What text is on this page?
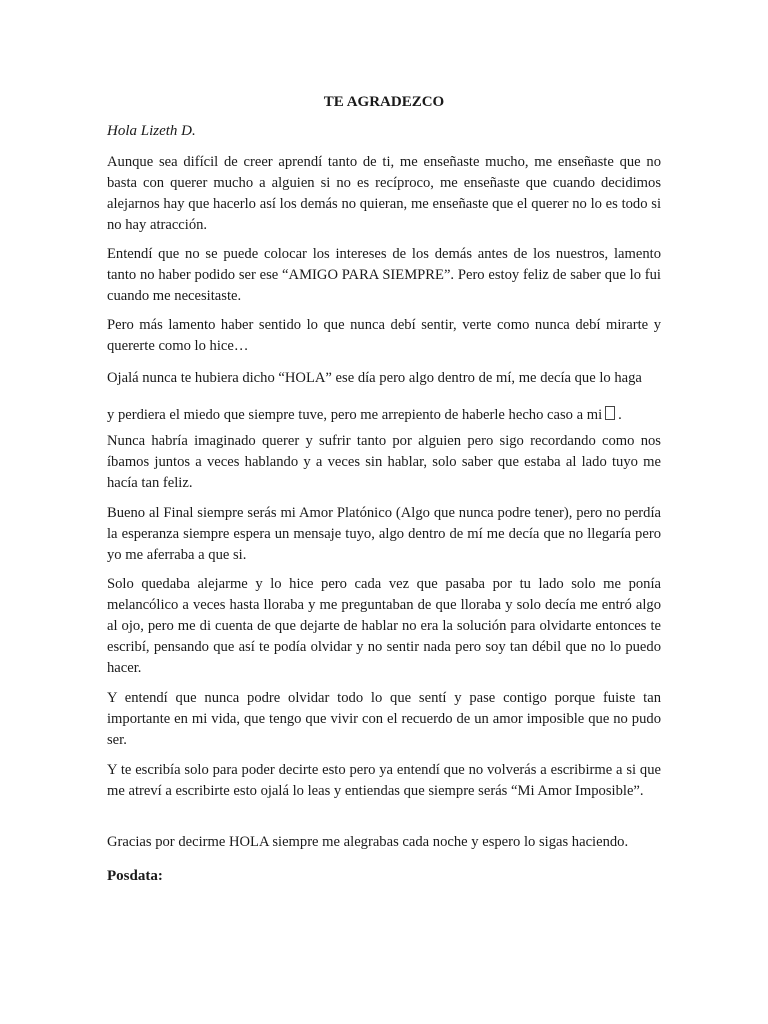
TE AGRADEZCO
Hola Lizeth D.
Aunque sea difícil de creer aprendí tanto de ti, me enseñaste mucho, me enseñaste que no basta con querer mucho a alguien si no es recíproco, me enseñaste que cuando decidimos alejarnos hay que hacerlo así los demás no quieran, me enseñaste que el querer no lo es todo si no hay atracción.
Entendí que no se puede colocar los intereses de los demás antes de los nuestros, lamento tanto no haber podido ser ese “AMIGO PARA SIEMPRE”. Pero estoy feliz de saber que lo fui cuando me necesitaste.
Pero más lamento haber sentido lo que nunca debí sentir, verte como nunca debí mirarte y quererte como lo hice…
Ojalá nunca te hubiera dicho “HOLA” ese día pero algo dentro de mí, me decía que lo haga
y perdiera el miedo que siempre tuve, pero me arrepiento de haberle hecho caso a mi .
Nunca habría imaginado querer y sufrir tanto por alguien pero sigo recordando como nos íbamos juntos a veces hablando y a veces sin hablar, solo saber que estaba al lado tuyo me hacía tan feliz.
Bueno al Final siempre serás mi Amor Platónico (Algo que nunca podre tener), pero no perdía la esperanza siempre espera un mensaje tuyo, algo dentro de mí me decía que no llegaría pero yo me aferraba a que si.
Solo quedaba alejarme y lo hice pero cada vez que pasaba por tu lado solo me ponía melancólico a veces hasta lloraba y me preguntaban de que lloraba y solo decía me entró algo al ojo, pero me di cuenta de que dejarte de hablar no era la solución para olvidarte entonces te escribí, pensando que así te podía olvidar y no sentir nada pero soy tan débil que no lo puedo hacer.
Y entendí que nunca podre olvidar todo lo que sentí y pase contigo porque fuiste tan importante en mi vida, que tengo que vivir con el recuerdo de un amor imposible que no pudo ser.
Y te escribía solo para poder decirte esto pero ya entendí que no volverás a escribirme a si que me atreví a escribirte esto ojalá lo leas y entiendas que siempre serás “Mi Amor Imposible”.
Gracias por decirme HOLA siempre me alegrabas cada noche y espero lo sigas haciendo.
Posdata:
